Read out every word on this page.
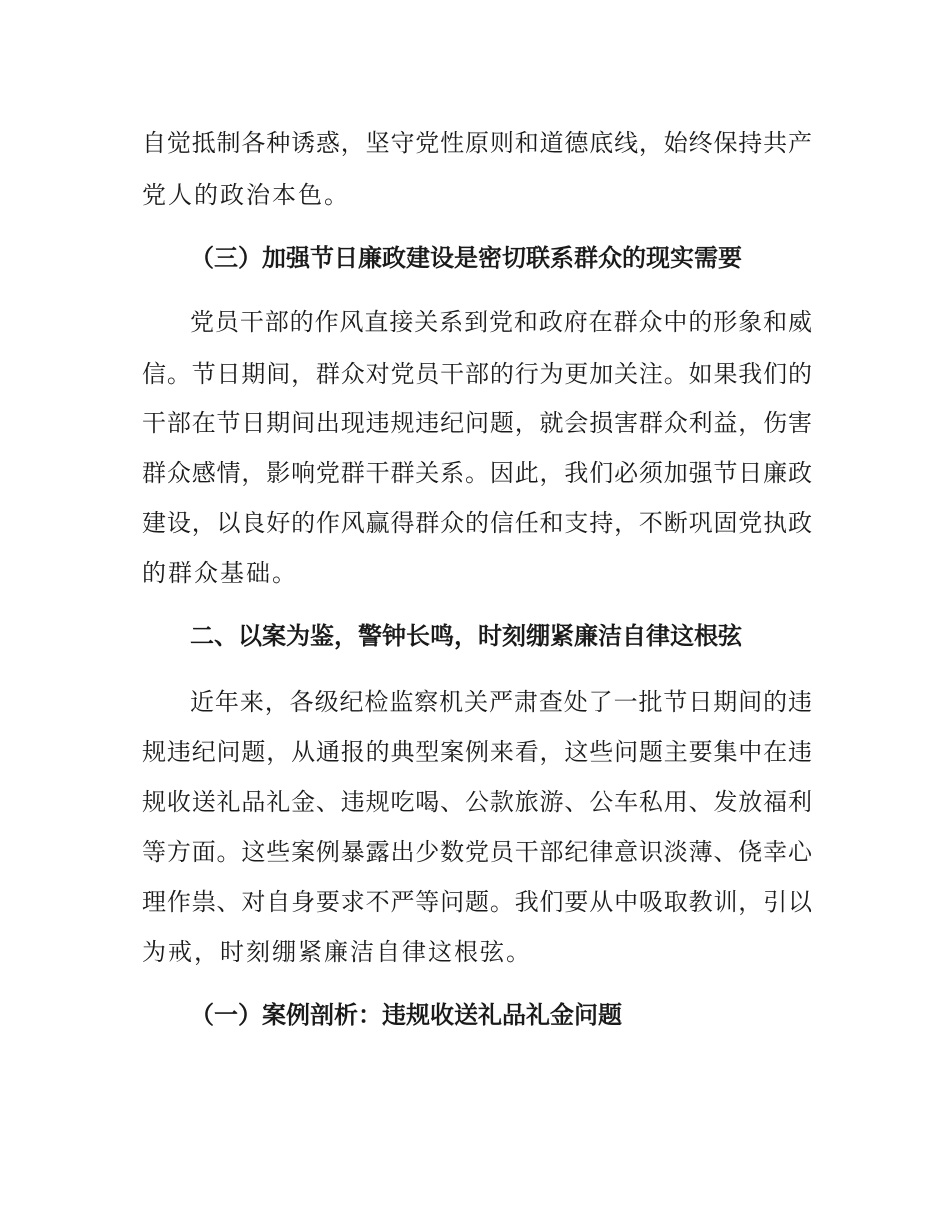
自觉抵制各种诱惑，坚守党性原则和道德底线，始终保持共产
党人的政治本色。
（三）加强节日廉政建设是密切联系群众的现实需要
党员干部的作风直接关系到党和政府在群众中的形象和威
信。节日期间，群众对党员干部的行为更加关注。如果我们的
干部在节日期间出现违规违纪问题，就会损害群众利益，伤害
群众感情，影响党群干群关系。因此，我们必须加强节日廉政
建设，以良好的作风赢得群众的信任和支持，不断巩固党执政
的群众基础。
二、以案为鉴，警钟长鸣，时刻绷紧廉洁自律这根弦
近年来，各级纪检监察机关严肃查处了一批节日期间的违
规违纪问题，从通报的典型案例来看，这些问题主要集中在违
规收送礼品礼金、违规吃喝、公款旅游、公车私用、发放福利
等方面。这些案例暴露出少数党员干部纪律意识淡薄、侥幸心
理作祟、对自身要求不严等问题。我们要从中吸取教训，引以
为戒，时刻绷紧廉洁自律这根弦。
（一）案例剖析：违规收送礼品礼金问题
